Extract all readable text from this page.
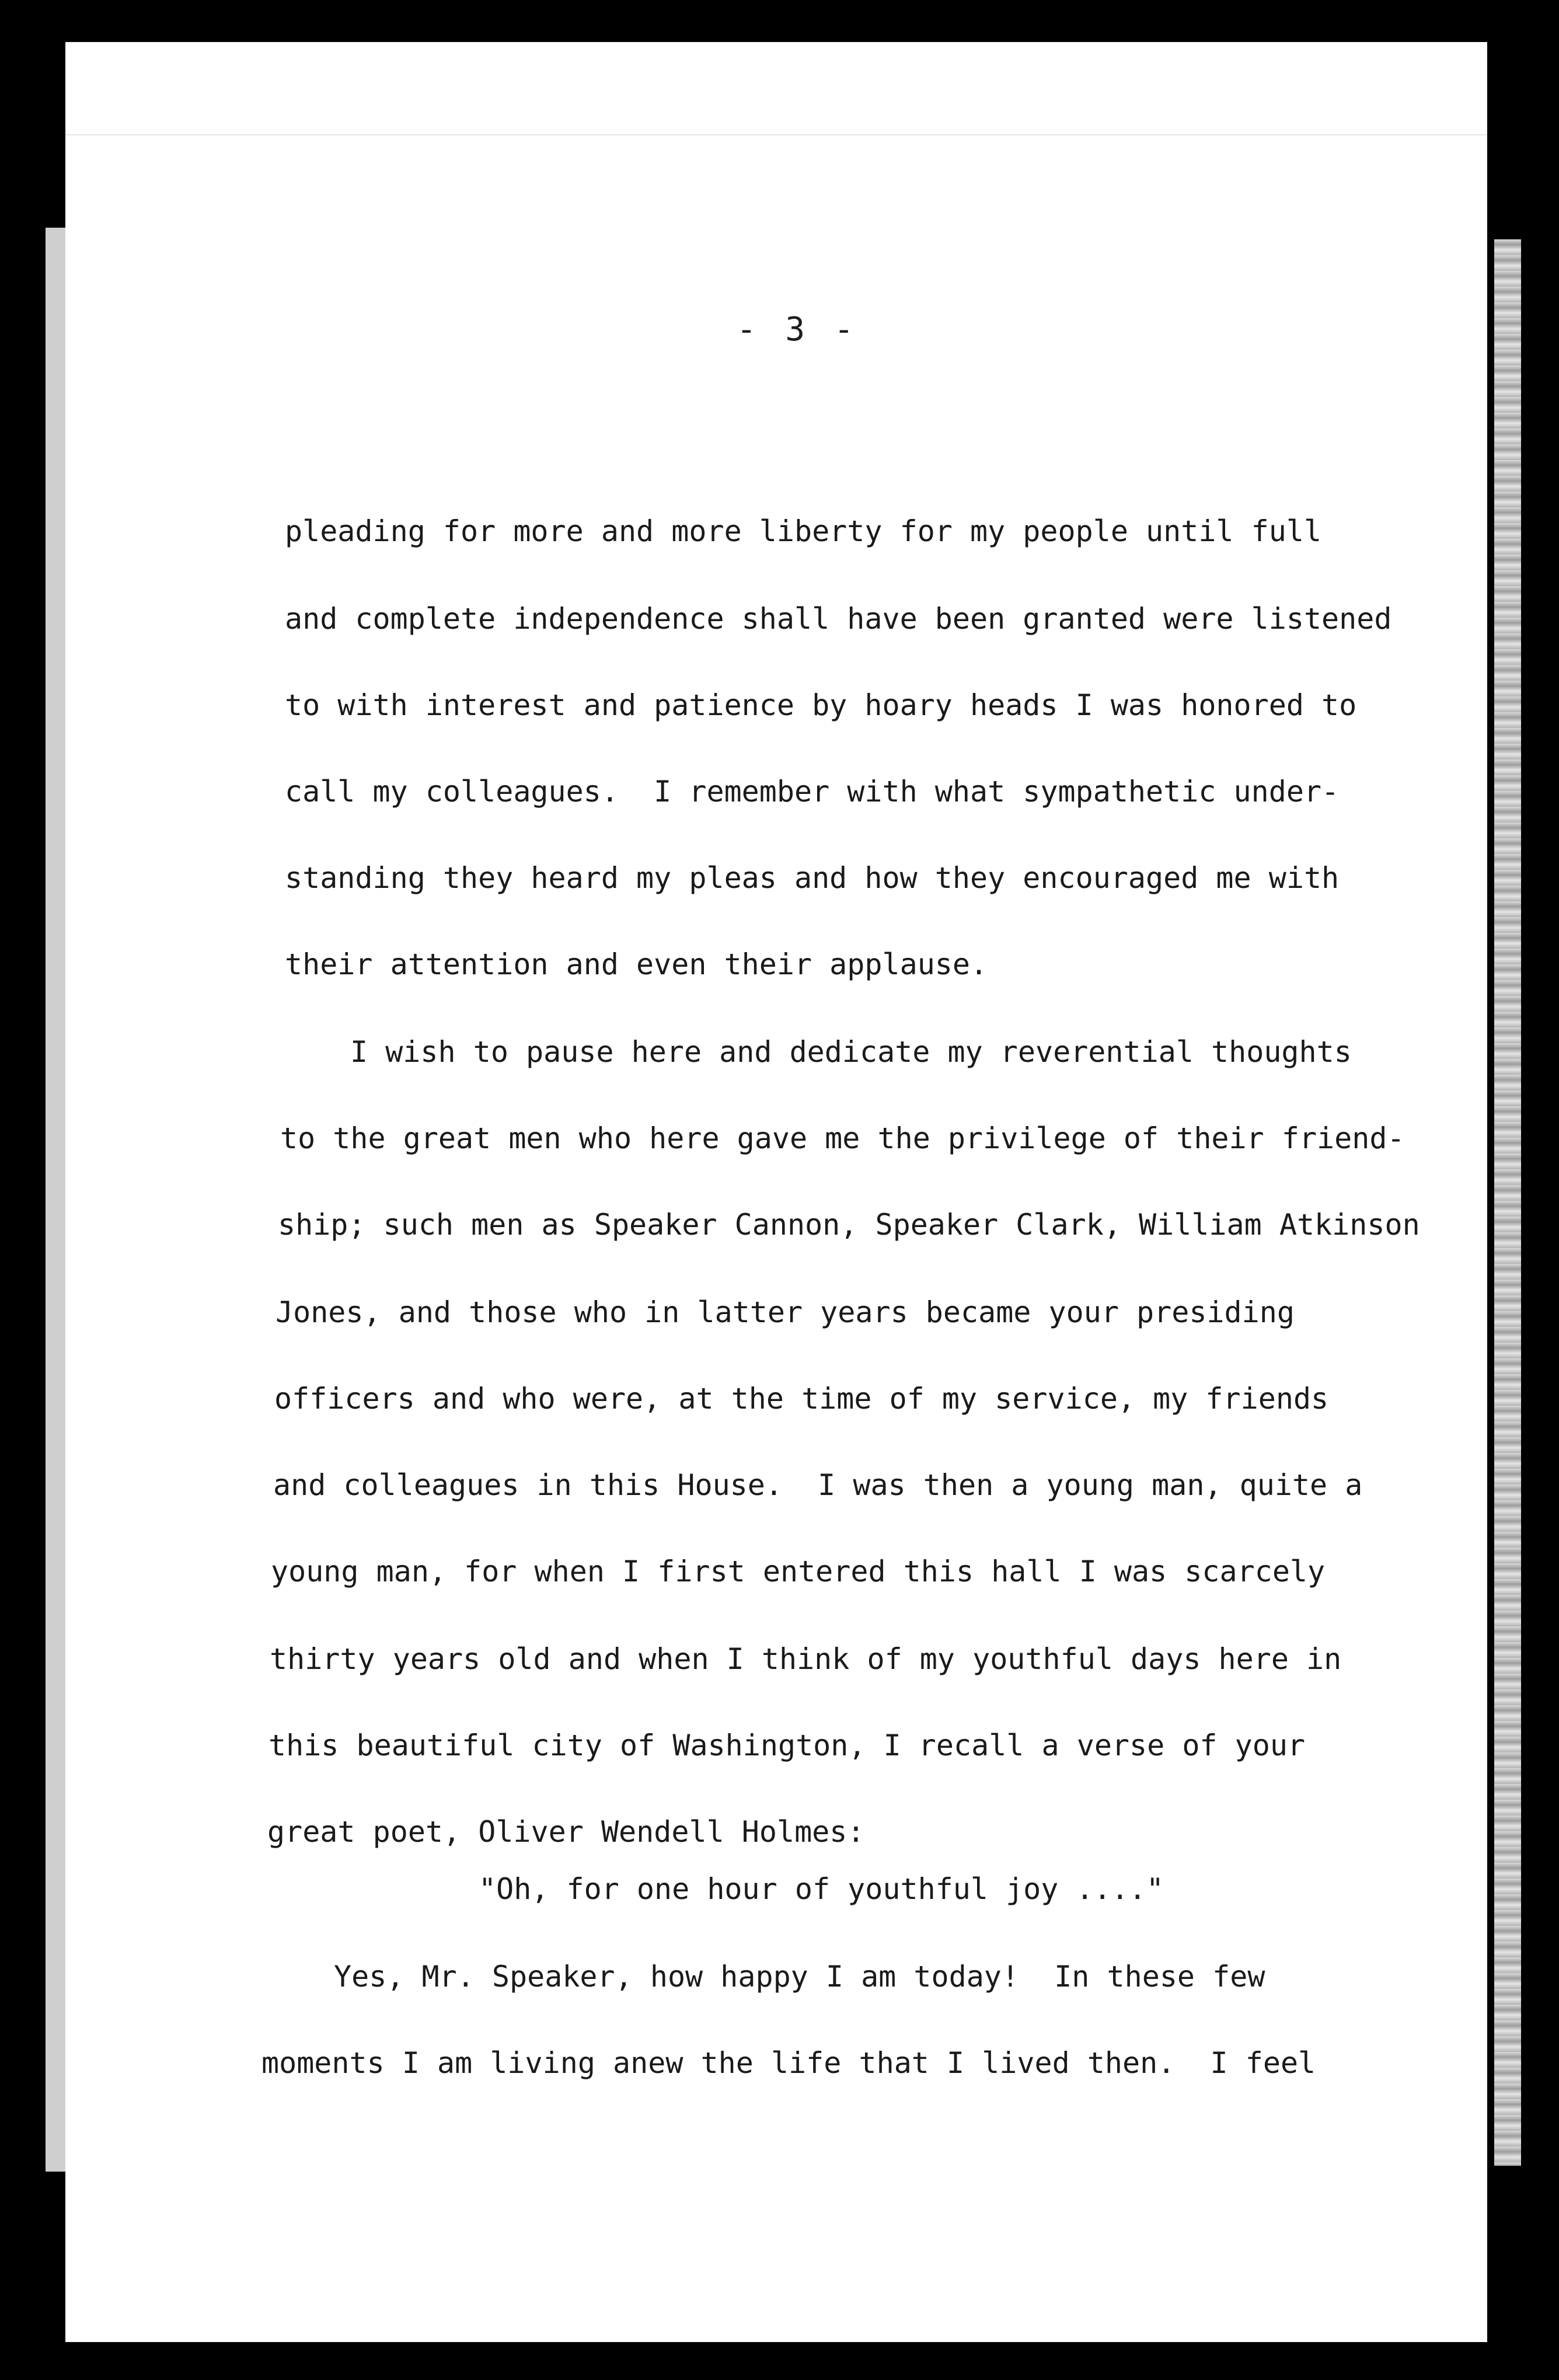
- 3 -
pleading for more and more liberty for my people until full
and complete independence shall have been granted were listened
to with interest and patience by hoary heads I was honored to
call my colleagues.  I remember with what sympathetic under-
standing they heard my pleas and how they encouraged me with
their attention and even their applause.
I wish to pause here and dedicate my reverential thoughts
to the great men who here gave me the privilege of their friend-
ship; such men as Speaker Cannon, Speaker Clark, William Atkinson
Jones, and those who in latter years became your presiding
officers and who were, at the time of my service, my friends
and colleagues in this House.  I was then a young man, quite a
young man, for when I first entered this hall I was scarcely
thirty years old and when I think of my youthful days here in
this beautiful city of Washington, I recall a verse of your
great poet, Oliver Wendell Holmes:
"Oh, for one hour of youthful joy ...."
Yes, Mr. Speaker, how happy I am today!  In these few
moments I am living anew the life that I lived then.  I feel
